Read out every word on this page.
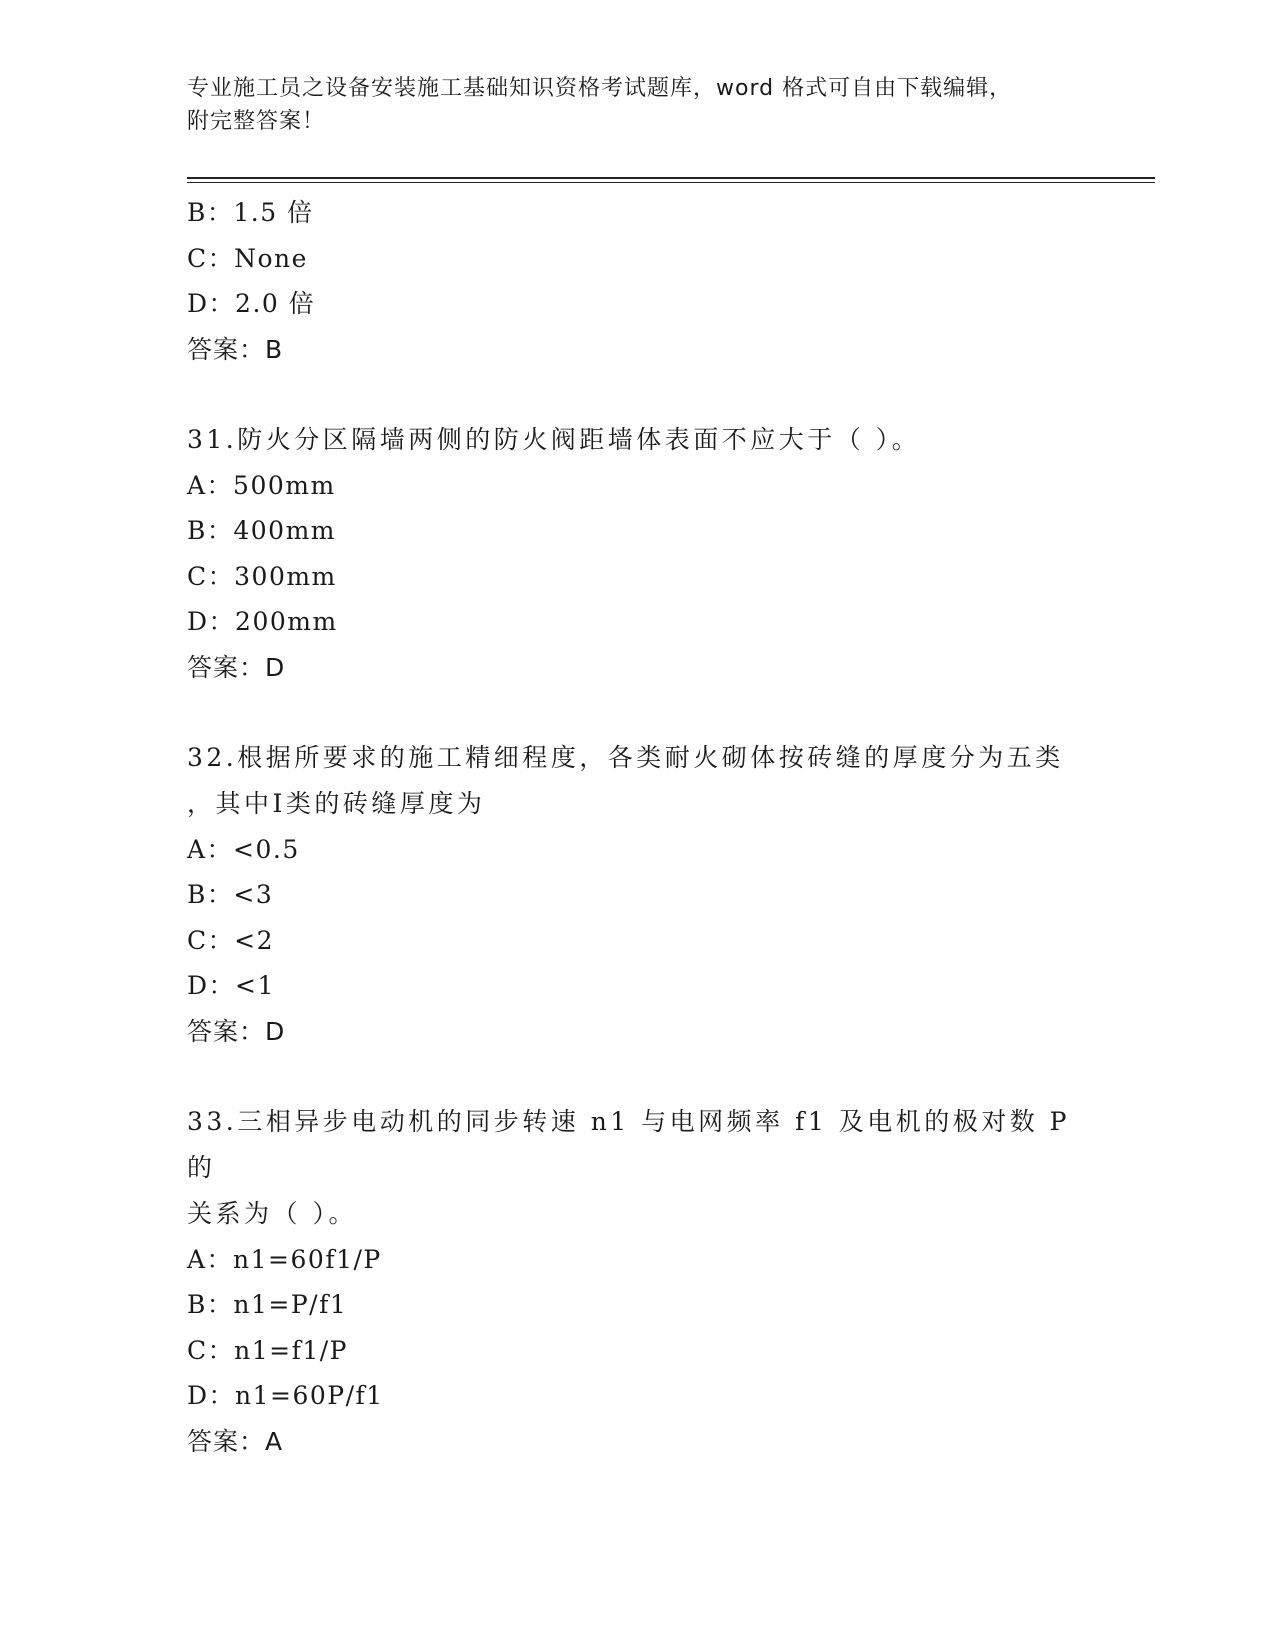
专业施工员之设备安装施工基础知识资格考试题库，word 格式可自由下载编辑，
附完整答案！
B：1.5 倍
C：None
D：2.0 倍
答案：B
31.防火分区隔墙两侧的防火阀距墙体表面不应大于（ ）。
A：500mm
B：400mm
C：300mm
D：200mm
答案：D
32.根据所要求的施工精细程度，各类耐火砌体按砖缝的厚度分为五类
，其中Ⅰ类的砖缝厚度为
A：<0.5
B：<3
C：<2
D：<1
答案：D
33.三相异步电动机的同步转速 n1 与电网频率 f1 及电机的极对数 P 的
关系为（ ）。
A：n1=60f1/P
B：n1=P/f1
C：n1=f1/P
D：n1=60P/f1
答案：A
